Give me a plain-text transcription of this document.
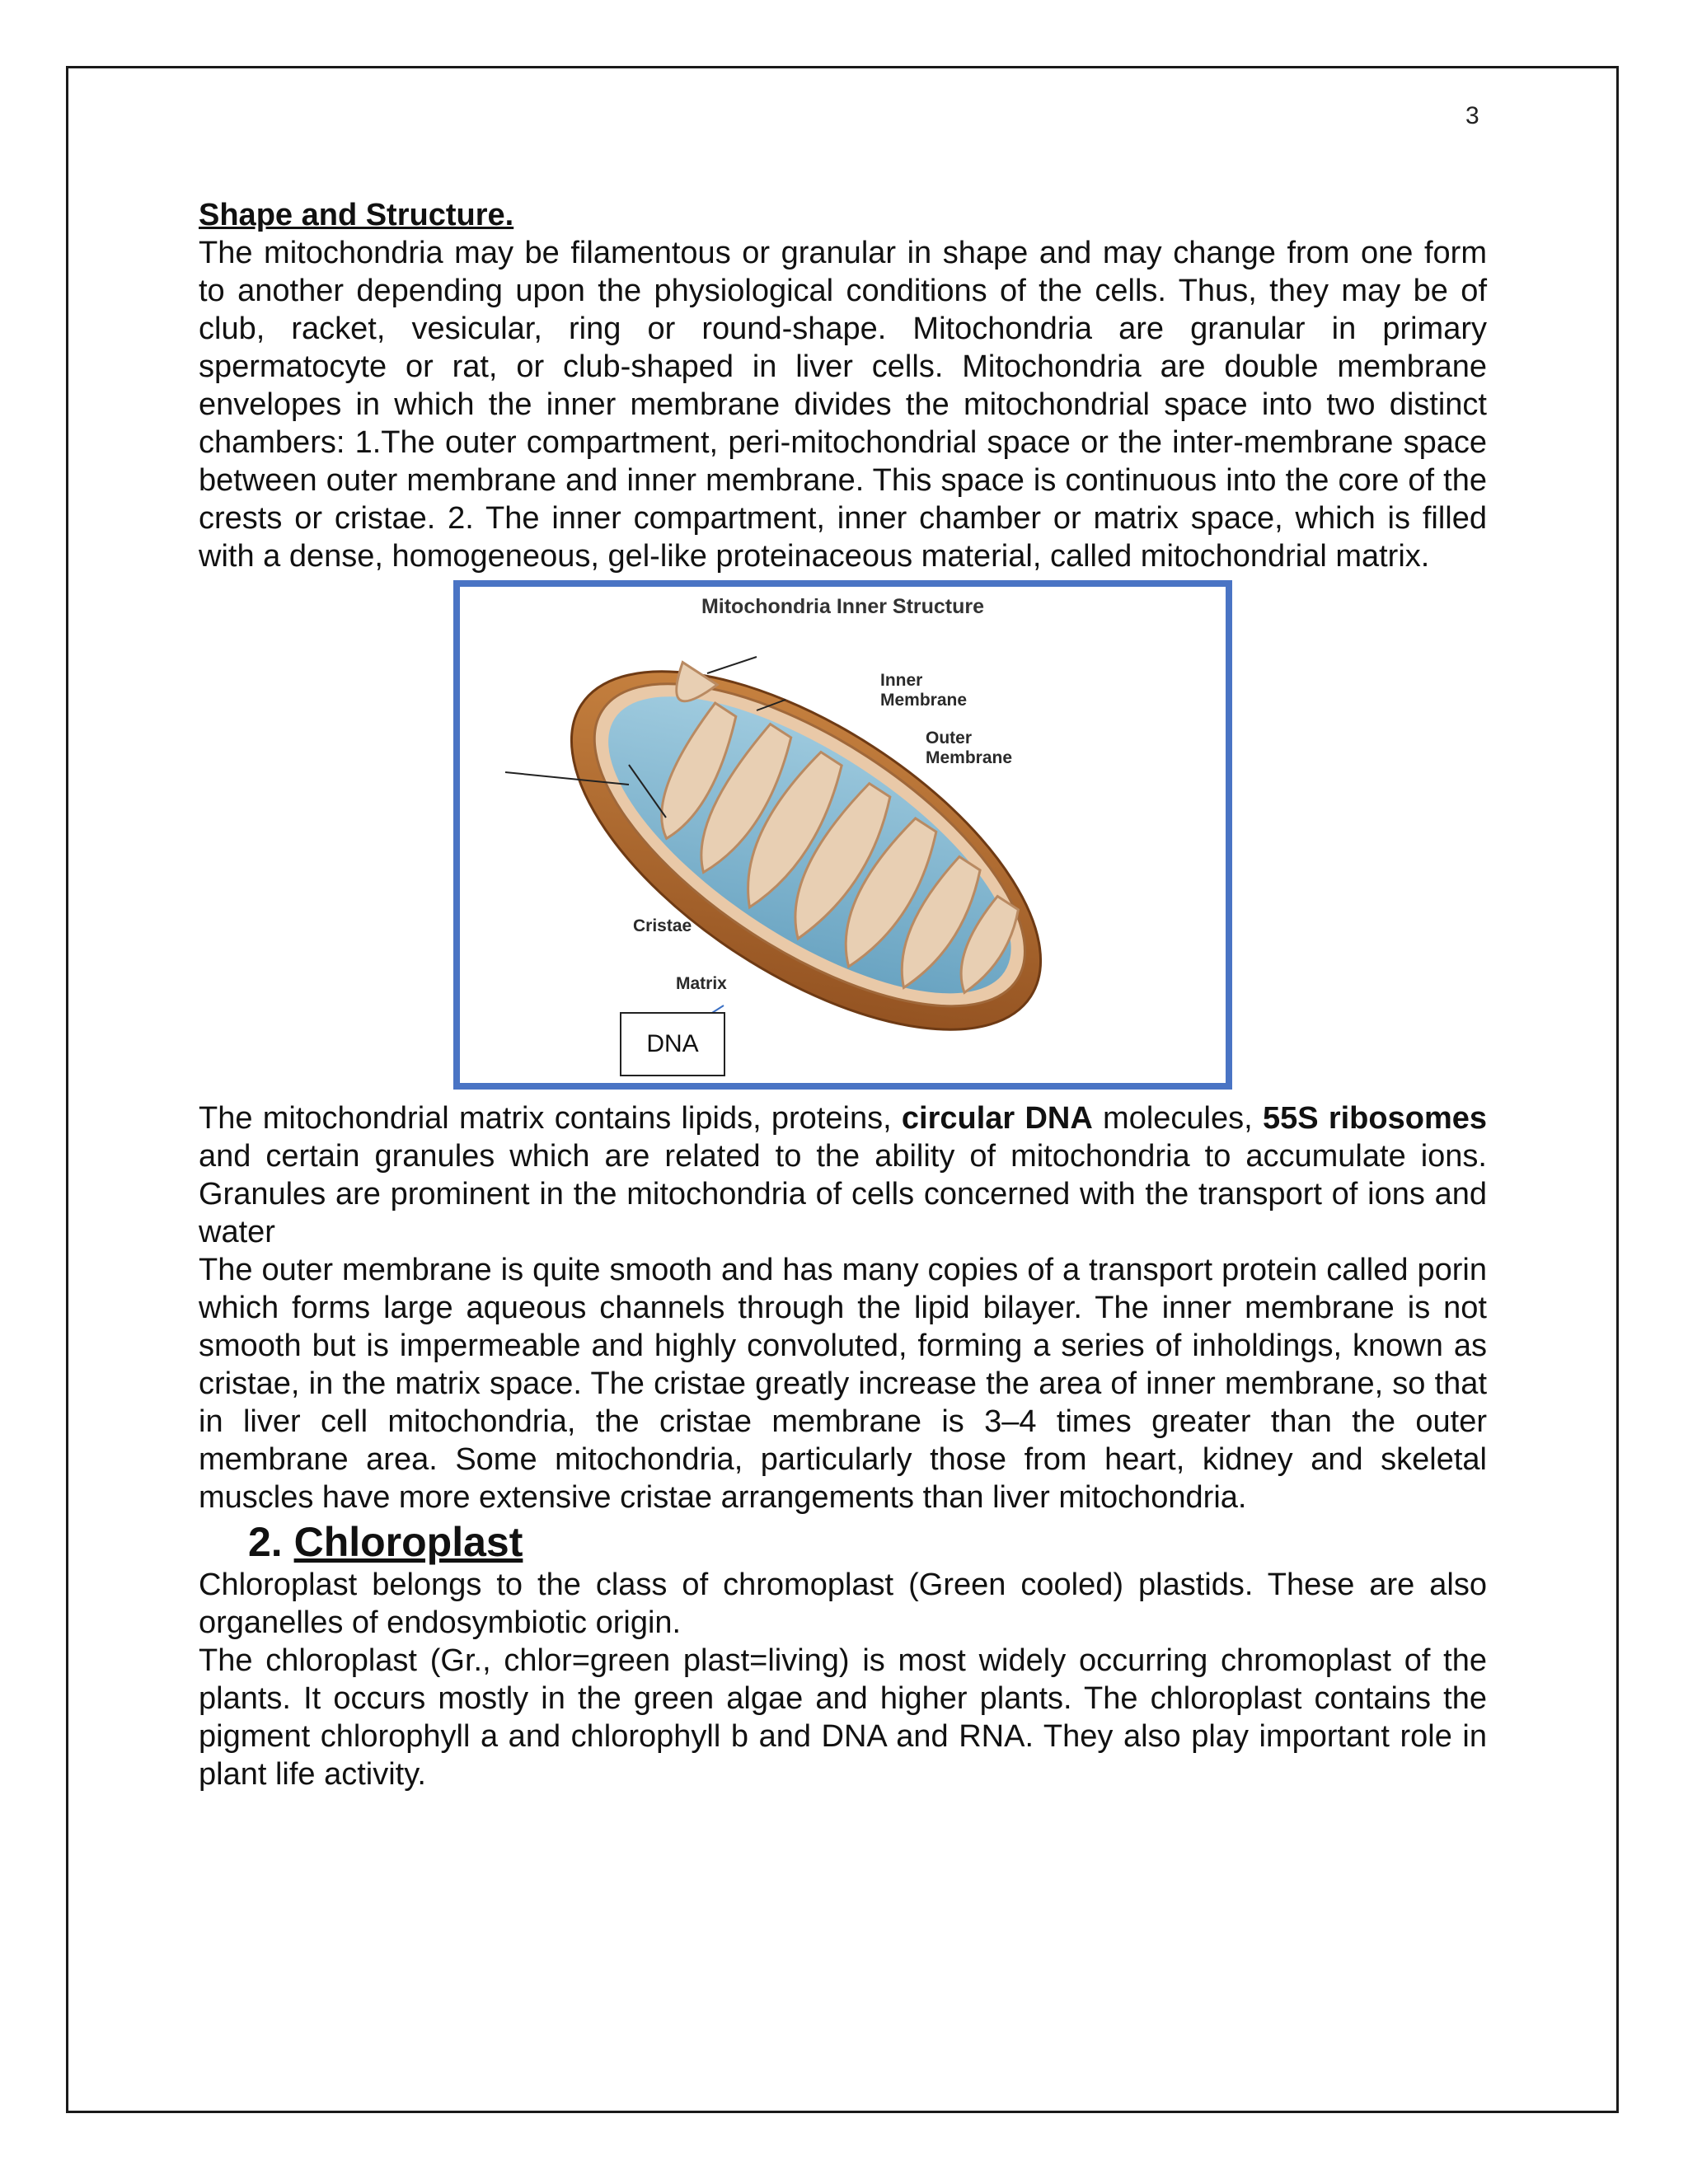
3
Shape and Structure.

The mitochondria may be filamentous or granular in shape and may change from one form to another depending upon the physiological conditions of the cells. Thus, they may be of club, racket, vesicular, ring or round-shape. Mitochondria are granular in primary spermatocyte or rat, or club-shaped in liver cells. Mitochondria are double membrane envelopes in which the inner membrane divides the mitochondrial space into two distinct chambers: 1.The outer compartment, peri-mitochondrial space or the inter-membrane space between outer membrane and inner membrane. This space is continuous into the core of the crests or cristae. 2. The inner compartment, inner chamber or matrix space, which is filled with a dense, homogeneous, gel-like proteinaceous material, called mitochondrial matrix.

Mitochondria Inner Structure
Inner
Membrane
Outer
Membrane
Cristae
Matrix
DNA

The mitochondrial matrix contains lipids, proteins, circular DNA molecules, 55S ribosomes and certain granules which are related to the ability of mitochondria to accumulate ions. Granules are prominent in the mitochondria of cells concerned with the transport of ions and water

The outer membrane is quite smooth and has many copies of a transport protein called porin which forms large aqueous channels through the lipid bilayer. The inner membrane is not smooth but is impermeable and highly convoluted, forming a series of inholdings, known as cristae, in the matrix space. The cristae greatly increase the area of inner membrane, so that in liver cell mitochondria, the cristae membrane is 3–4 times greater than the outer membrane area. Some mitochondria, particularly those from heart, kidney and skeletal muscles have more extensive cristae arrangements than liver mitochondria.

2. Chloroplast

Chloroplast belongs to the class of chromoplast (Green cooled) plastids. These are also organelles of endosymbiotic origin.

The chloroplast (Gr., chlor=green plast=living) is most widely occurring chromoplast of the plants. It occurs mostly in the green algae and higher plants. The chloroplast contains the pigment chlorophyll a and chlorophyll b and DNA and RNA. They also play important role in plant life activity.
